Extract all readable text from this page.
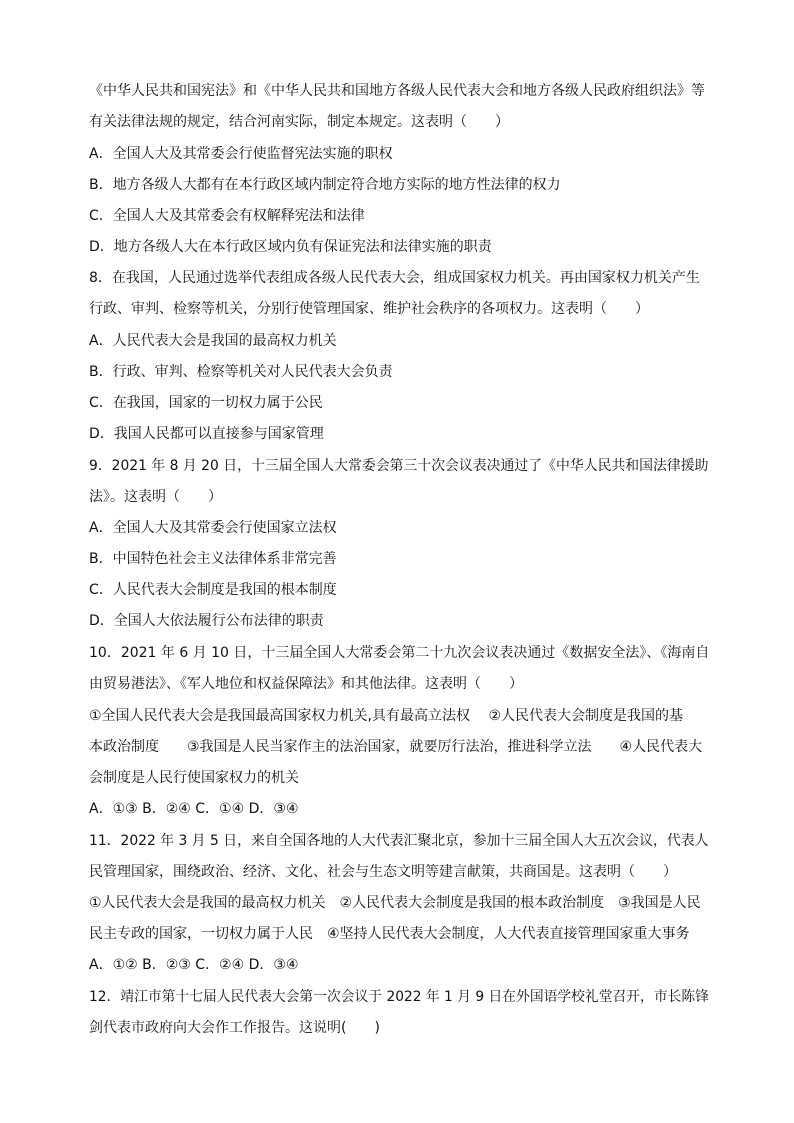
《中华人民共和国宪法》和《中华人民共和国地方各级人民代表大会和地方各级人民政府组织法》等
有关法律法规的规定，结合河南实际，制定本规定。这表明（　　）
A．全国人大及其常委会行使监督宪法实施的职权
B．地方各级人大都有在本行政区域内制定符合地方实际的地方性法律的权力
C．全国人大及其常委会有权解释宪法和法律
D．地方各级人大在本行政区域内负有保证宪法和法律实施的职责
8．在我国，人民通过选举代表组成各级人民代表大会，组成国家权力机关。再由国家权力机关产生
行政、审判、检察等机关，分别行使管理国家、维护社会秩序的各项权力。这表明（　　）
A．人民代表大会是我国的最高权力机关
B．行政、审判、检察等机关对人民代表大会负责
C．在我国，国家的一切权力属于公民
D．我国人民都可以直接参与国家管理
9．2021 年 8 月 20 日，十三届全国人大常委会第三十次会议表决通过了《中华人民共和国法律援助
法》。这表明（　　）
A．全国人大及其常委会行使国家立法权
B．中国特色社会主义法律体系非常完善
C．人民代表大会制度是我国的根本制度
D．全国人大依法履行公布法律的职责
10．2021 年 6 月 10 日，十三届全国人大常委会第二十九次会议表决通过《数据安全法》、《海南自
由贸易港法》、《军人地位和权益保障法》和其他法律。这表明（　　）
①全国人民代表大会是我国最高国家权力机关,具有最高立法权　 ②人民代表大会制度是我国的基
本政治制度　　③我国是人民当家作主的法治国家，就要厉行法治，推进科学立法　　④人民代表大
会制度是人民行使国家权力的机关
A．①③ B．②④ C．①④ D．③④
11．2022 年 3 月 5 日，来自全国各地的人大代表汇聚北京，参加十三届全国人大五次会议，代表人
民管理国家，围绕政治、经济、文化、社会与生态文明等建言献策，共商国是。这表明（　　）
①人民代表大会是我国的最高权力机关　②人民代表大会制度是我国的根本政治制度　③我国是人民
民主专政的国家，一切权力属于人民　④坚持人民代表大会制度，人大代表直接管理国家重大事务
A．①② B．②③ C．②④ D．③④
12．靖江市第十七届人民代表大会第一次会议于 2022 年 1 月 9 日在外国语学校礼堂召开，市长陈锋
剑代表市政府向大会作工作报告。这说明(　　)
